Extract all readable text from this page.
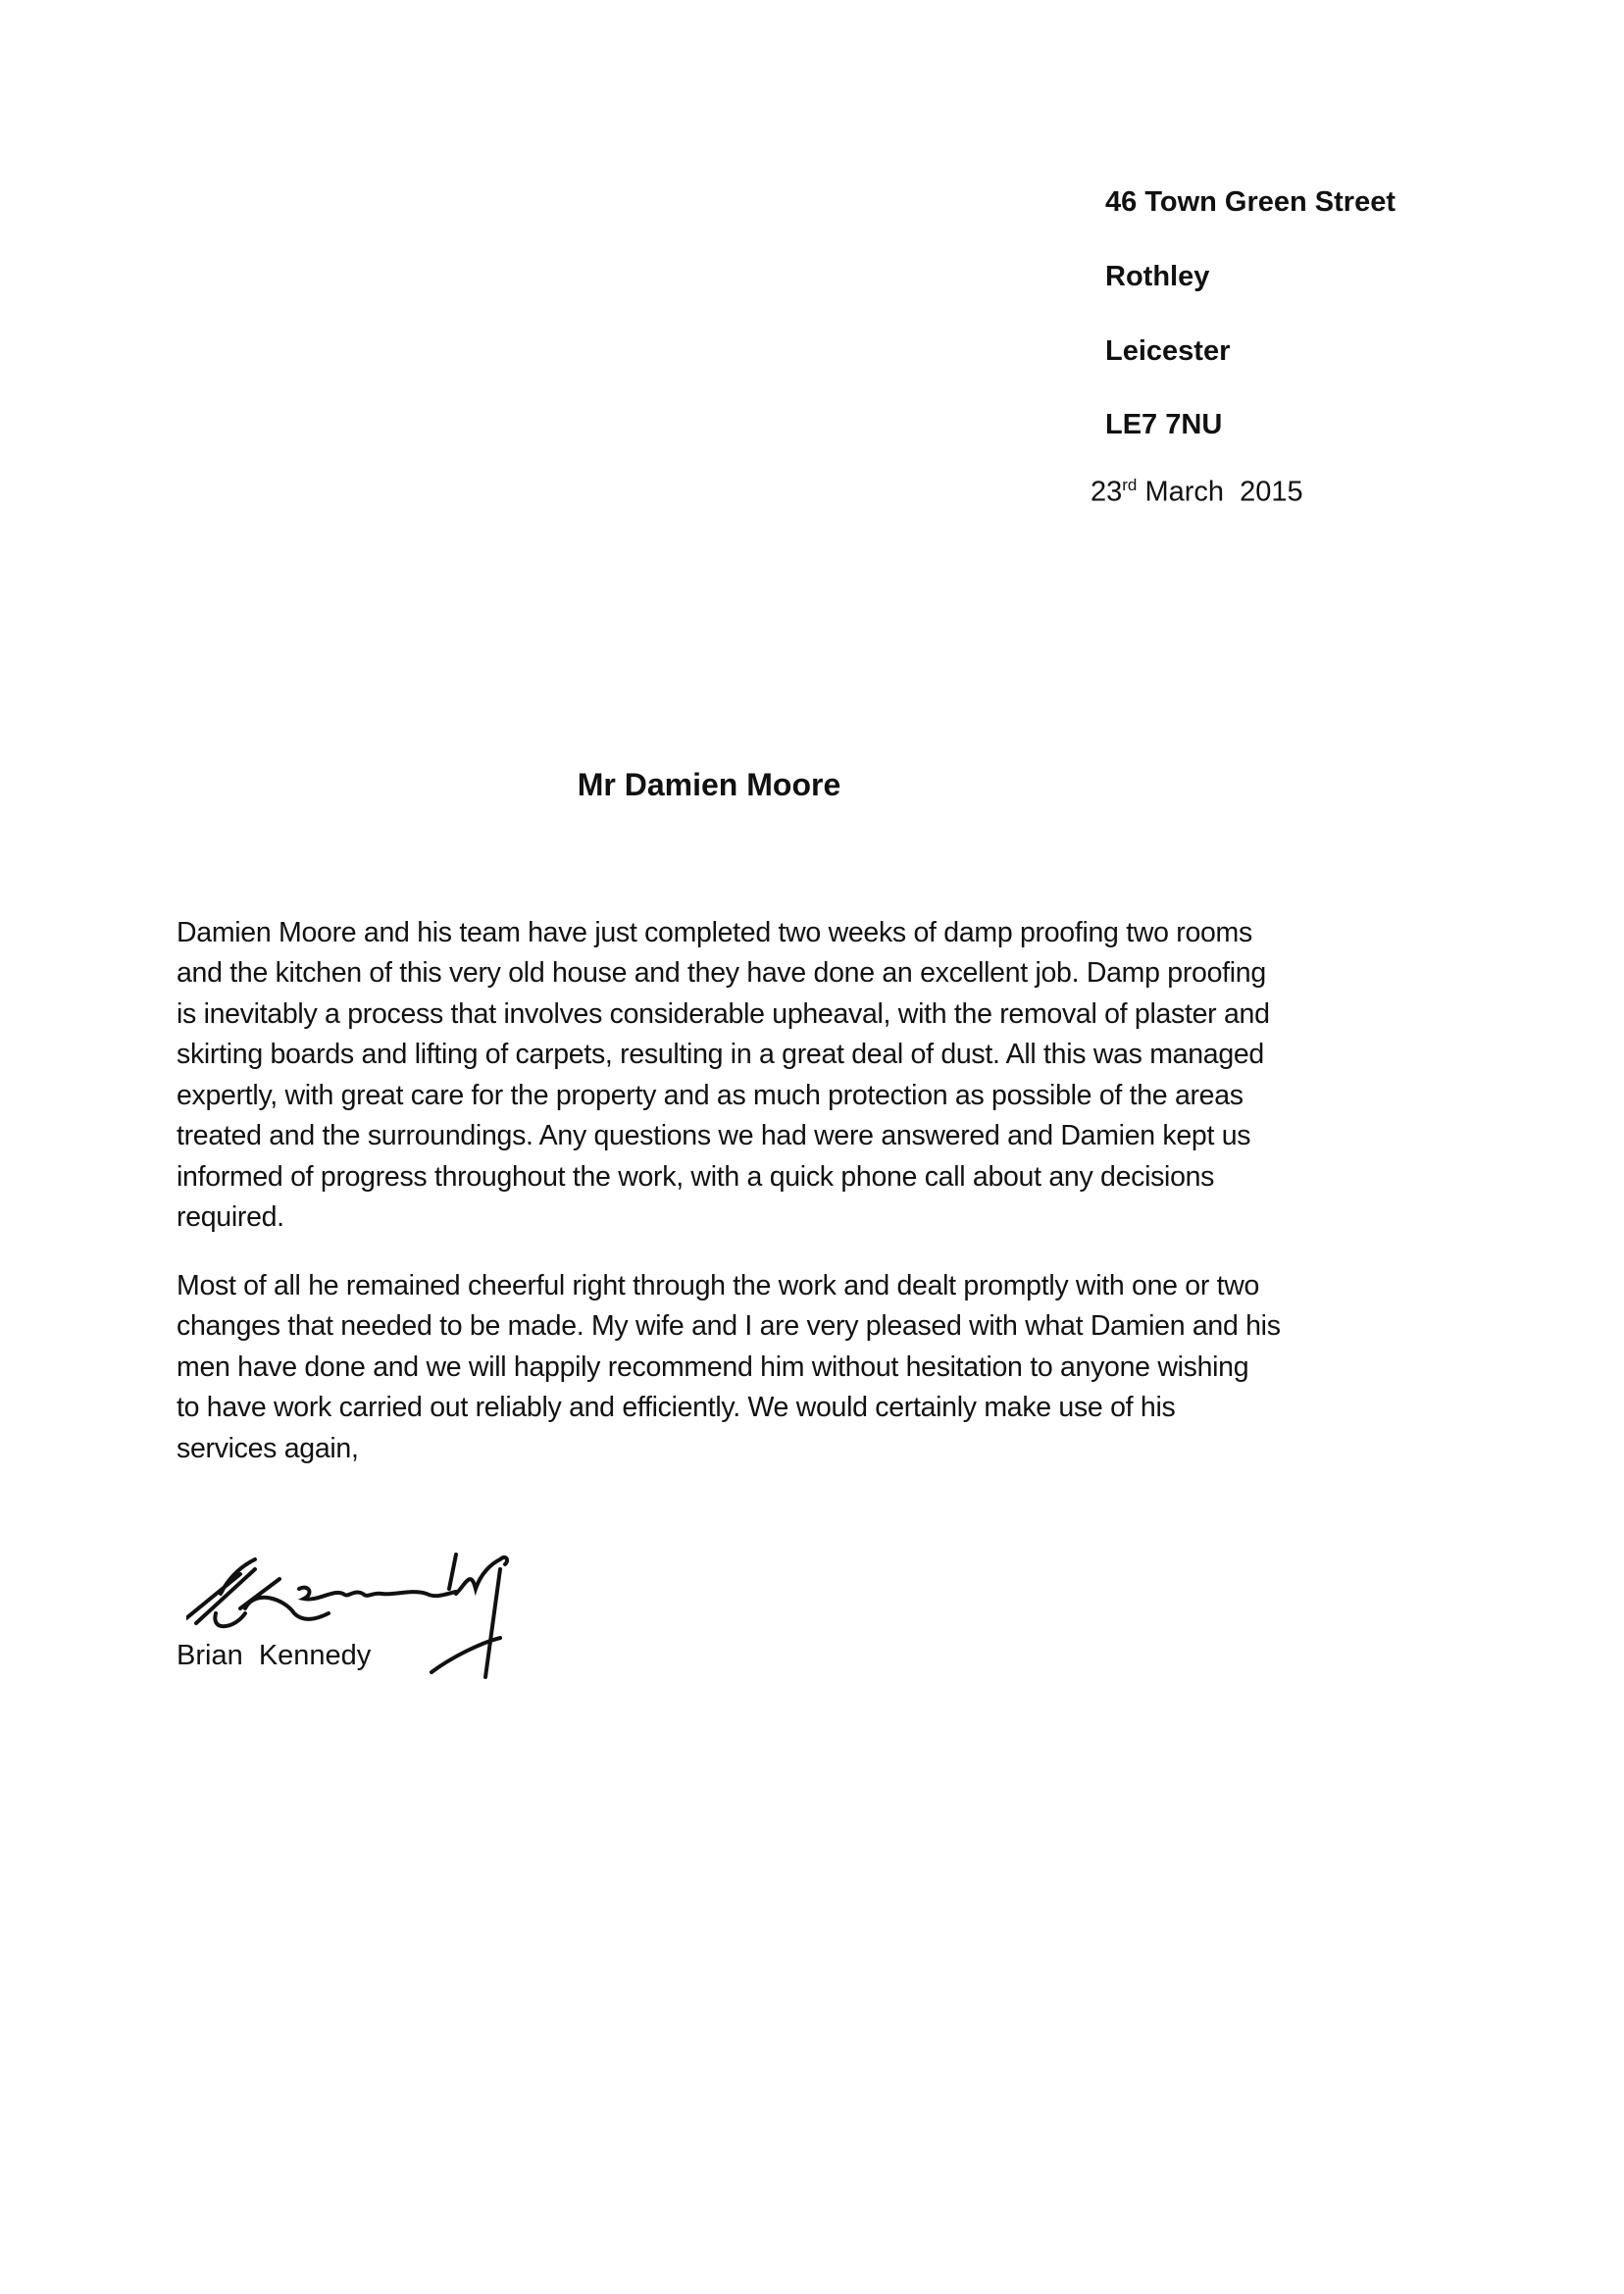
46 Town Green Street
Rothley
Leicester
LE7 7NU
23rd March  2015
Mr Damien Moore
Damien Moore and his team have just completed two weeks of damp proofing two rooms
and the kitchen of this very old house and they have done an excellent job. Damp proofing
is inevitably a process that involves considerable upheaval, with the removal of plaster and
skirting boards and lifting of carpets, resulting in a great deal of dust. All this was managed
expertly, with great care for the property and as much protection as possible of the areas
treated and the surroundings. Any questions we had were answered and Damien kept us
informed of progress throughout the work, with a quick phone call about any decisions
required.
Most of all he remained cheerful right through the work and dealt promptly with one or two
changes that needed to be made. My wife and I are very pleased with what Damien and his
men have done and we will happily recommend him without hesitation to anyone wishing
to have work carried out reliably and efficiently. We would certainly make use of his
services again,
Brian  Kennedy
